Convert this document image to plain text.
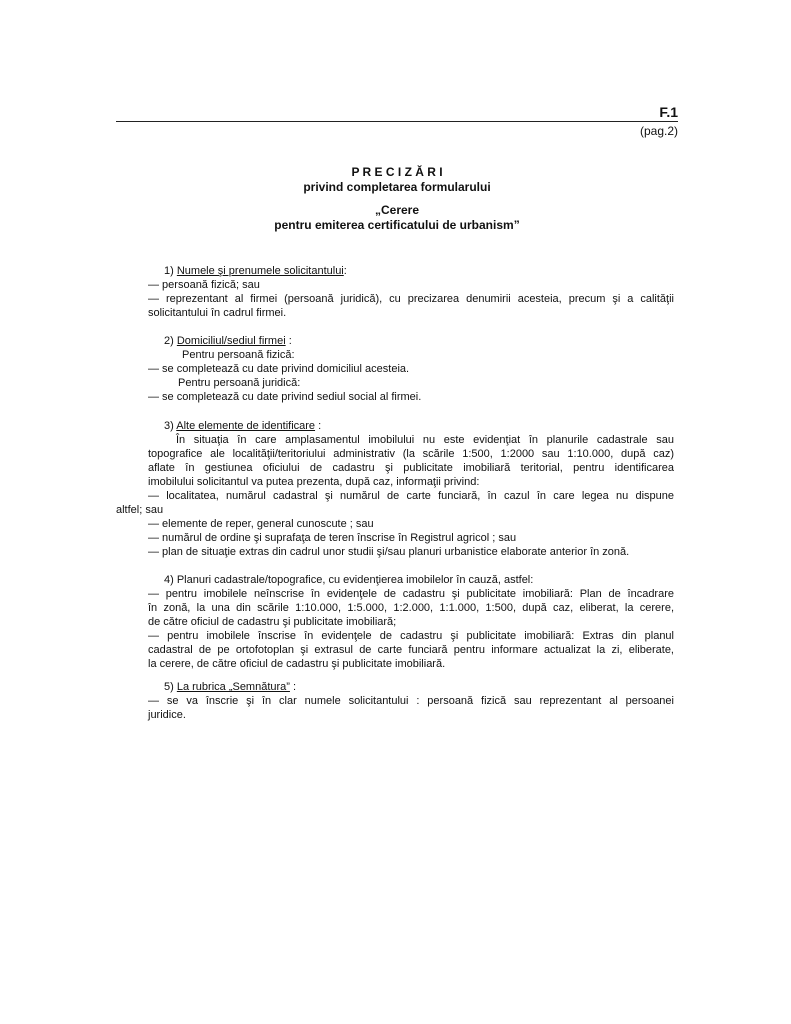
F.1
(pag.2)
P R E C I Z Ă R I
privind completarea formularului
„Cerere
pentru emiterea certificatului de urbanism”
1) Numele şi prenumele solicitantului:
— persoană fizică; sau
— reprezentant al firmei (persoană juridică), cu precizarea denumirii acesteia, precum şi a calităţii
solicitantului în cadrul firmei.
2) Domiciliul/sediul firmei :
Pentru persoană fizică:
— se completează cu date privind domiciliul acesteia.
Pentru persoană juridică:
— se completează cu date privind sediul social al firmei.
3) Alte elemente de identificare :
În situaţia în care amplasamentul imobilului nu este evidenţiat în planurile cadastrale sau
topografice ale localităţii/teritoriului administrativ (la scările 1:500, 1:2000 sau 1:10.000, după caz)
aflate în gestiunea oficiului de cadastru şi publicitate imobiliară teritorial, pentru identificarea
imobilului solicitantul va putea prezenta, după caz, informaţii privind:
— localitatea, numărul cadastral şi numărul de carte funciară, în cazul în care legea nu dispune
altfel; sau
— elemente de reper, general cunoscute ; sau
— numărul de ordine şi suprafaţa de teren înscrise în Registrul agricol ; sau
— plan de situaţie extras din cadrul unor studii şi/sau planuri urbanistice elaborate anterior în zonă.
4) Planuri cadastrale/topografice, cu evidenţierea imobilelor în cauză, astfel:
— pentru imobilele neînscrise în evidenţele de cadastru şi publicitate imobiliară: Plan de încadrare
în zonă, la una din scările 1:10.000, 1:5.000, 1:2.000, 1:1.000, 1:500, după caz, eliberat, la cerere,
de către oficiul de cadastru şi publicitate imobiliară;
— pentru imobilele înscrise în evidenţele de cadastru şi publicitate imobiliară: Extras din planul
cadastral de pe ortofotoplan şi extrasul de carte funciară pentru informare actualizat la zi, eliberate,
la cerere, de către oficiul de cadastru şi publicitate imobiliară.
5) La rubrica „Semnătura” :
— se va înscrie şi în clar numele solicitantului : persoană fizică sau reprezentant al persoanei
juridice.
